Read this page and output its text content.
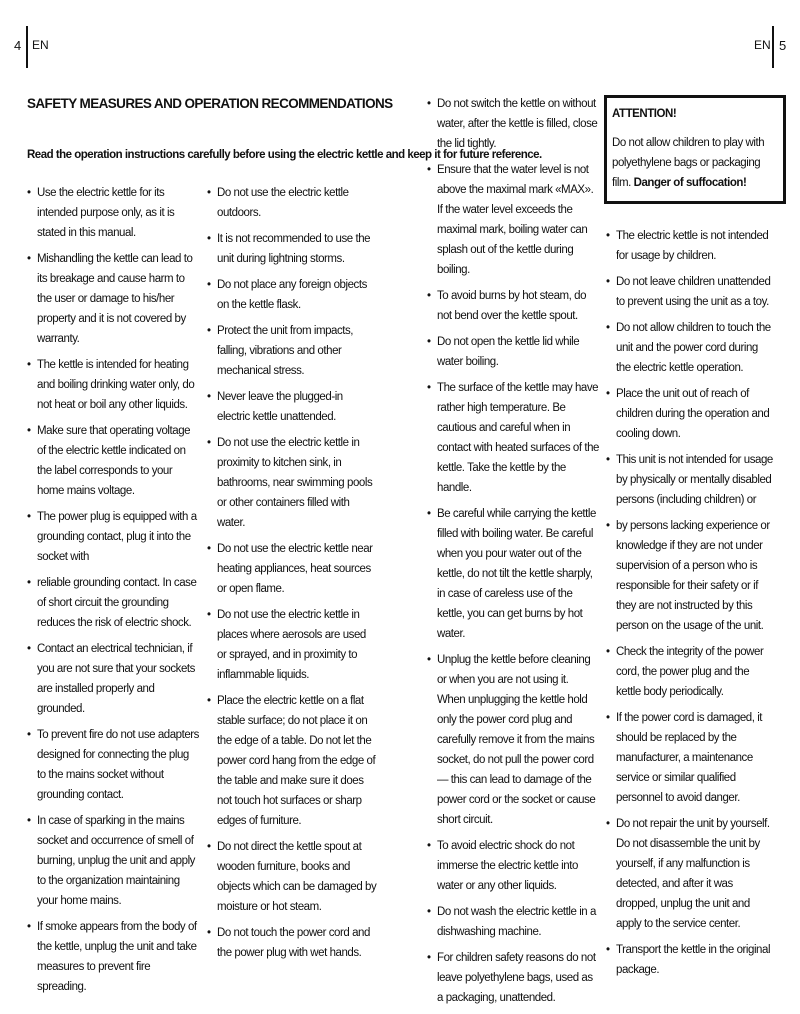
4 EN	EN 5
SAFETY MEASURES AND OPERATION RECOMMENDATIONS
Read the operation instructions carefully before using the electric kettle and keep it for future reference.
• Use the electric kettle for its intended purpose only, as it is stated in this manual.
• Mishandling the kettle can lead to its breakage and cause harm to the user or damage to his/her property and it is not covered by warranty.
• The kettle is intended for heating and boiling drinking water only, do not heat or boil any other liquids.
• Make sure that operating voltage of the electric kettle indicated on the label corresponds to your home mains voltage.
• The power plug is equipped with a grounding contact, plug it into the socket with
• reliable grounding contact. In case of short circuit the grounding reduces the risk of electric shock.
• Contact an electrical technician, if you are not sure that your sockets are installed properly and grounded.
• To prevent fire do not use adapters designed for connecting the plug to the mains socket without grounding contact.
• In case of sparking in the mains socket and occurrence of smell of burning, unplug the unit and apply to the organization maintaining your home mains.
• If smoke appears from the body of the kettle, unplug the unit and take measures to prevent fire spreading.
• Do not use the electric kettle outdoors.
• It is not recommended to use the unit during lightning storms.
• Do not place any foreign objects on the kettle flask.
• Protect the unit from impacts, falling, vibrations and other mechanical stress.
• Never leave the plugged-in electric kettle unattended.
• Do not use the electric kettle in proximity to kitchen sink, in bathrooms, near swimming pools or other containers filled with water.
• Do not use the electric kettle near heating appliances, heat sources or open flame.
• Do not use the electric kettle in places where aerosols are used or sprayed, and in proximity to inflammable liquids.
• Place the electric kettle on a flat stable surface; do not place it on the edge of a table. Do not let the power cord hang from the edge of the table and make sure it does not touch hot surfaces or sharp edges of furniture.
• Do not direct the kettle spout at wooden furniture, books and objects which can be damaged by moisture or hot steam.
• Do not touch the power cord and the power plug with wet hands.
• Do not switch the kettle on without water, after the kettle is filled, close the lid tightly.
• Ensure that the water level is not above the maximal mark «MAX». If the water level exceeds the maximal mark, boiling water can splash out of the kettle during boiling.
• To avoid burns by hot steam, do not bend over the kettle spout.
• Do not open the kettle lid while water boiling.
• The surface of the kettle may have rather high temperature. Be cautious and careful when in contact with heated surfaces of the kettle. Take the kettle by the handle.
• Be careful while carrying the kettle filled with boiling water. Be careful when you pour water out of the kettle, do not tilt the kettle sharply, in case of careless use of the kettle, you can get burns by hot water.
• Unplug the kettle before cleaning or when you are not using it. When unplugging the kettle hold only the power cord plug and carefully remove it from the mains socket, do not pull the power cord — this can lead to damage of the power cord or the socket or cause short circuit.
• To avoid electric shock do not immerse the electric kettle into water or any other liquids.
• Do not wash the electric kettle in a dishwashing machine.
• For children safety reasons do not leave polyethylene bags, used as a packaging, unattended.
ATTENTION!
Do not allow children to play with polyethylene bags or packaging film. Danger of suffocation!
• The electric kettle is not intended for usage by children.
• Do not leave children unattended to prevent using the unit as a toy.
• Do not allow children to touch the unit and the power cord during the electric kettle operation.
• Place the unit out of reach of children during the operation and cooling down.
• This unit is not intended for usage by physically or mentally disabled persons (including children) or
• by persons lacking experience or knowledge if they are not under supervision of a person who is responsible for their safety or if they are not instructed by this person on the usage of the unit.
• Check the integrity of the power cord, the power plug and the kettle body periodically.
• If the power cord is damaged, it should be replaced by the manufacturer, a maintenance service or similar qualified personnel to avoid danger.
• Do not repair the unit by yourself. Do not disassemble the unit by yourself, if any malfunction is detected, and after it was dropped, unplug the unit and apply to the service center.
• Transport the kettle in the original package.
